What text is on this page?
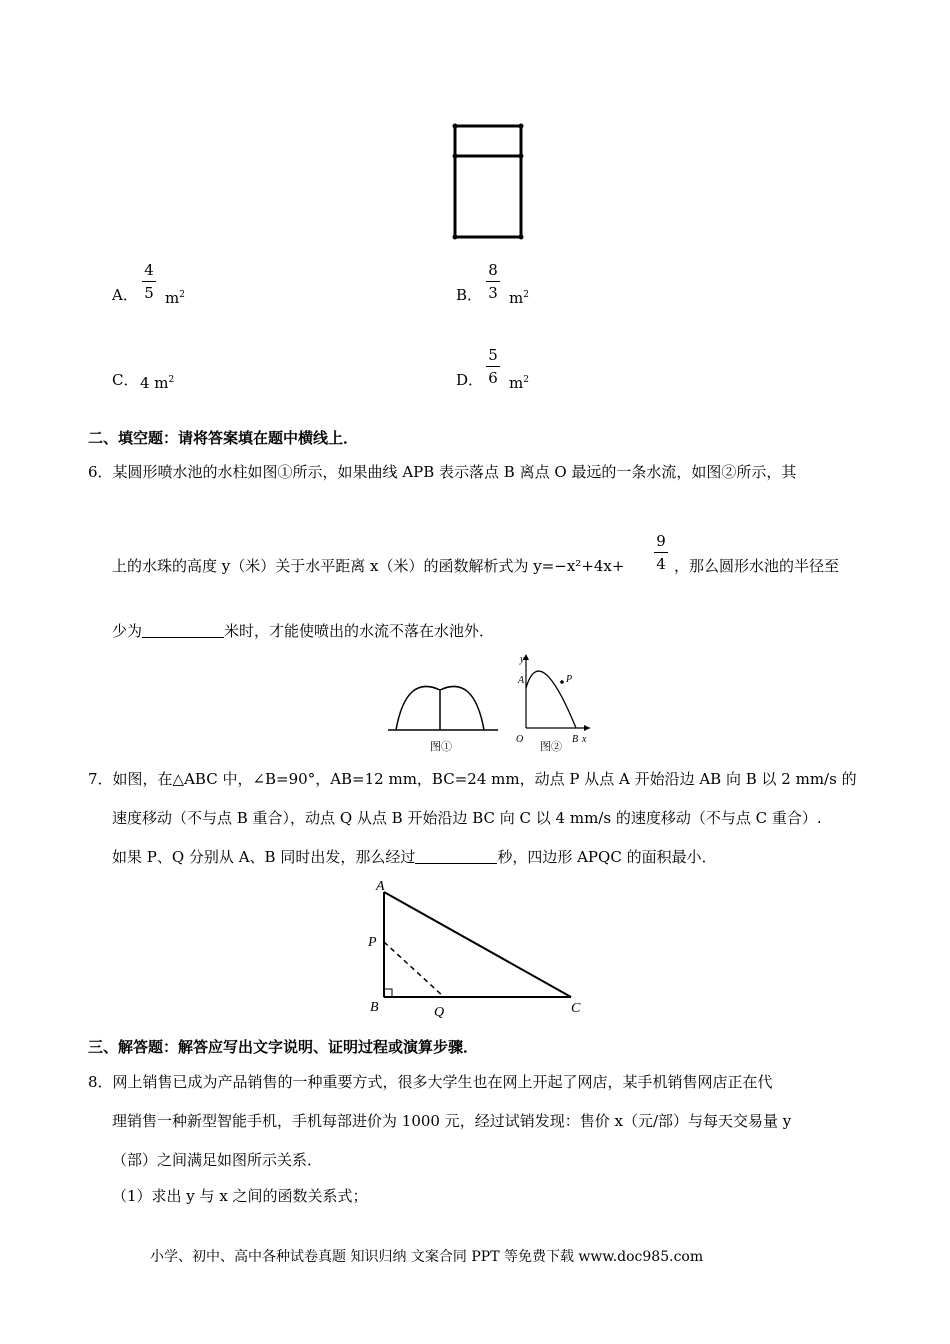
A．
4
5 $m^2$	B．
8
3 $m^2$
C． 4 $m^2$	D．
5
6 $m^2$
二、填空题：请将答案填在题中横线上．
6．某圆形喷水池的水柱如图①所示，如果曲线 APB 表示落点 B 离点 O 最远的一条水流，如图②所示，其
上的水珠的高度 y（米）关于水平距离 x（米）的函数解析式为 y=−x²+4x+
9
4 ，那么圆形水池的半径至
少为	米时，才能使喷出的水流不落在水池外．
图①
y
A	P
O	B x
图②
7．如图，在△ABC 中，∠B=90°，AB=12 mm，BC=24 mm，动点 P 从点 A 开始沿边 AB 向 B 以 2 mm/s 的
速度移动（不与点 B 重合），动点 Q 从点 B 开始沿边 BC 向 C 以 4 mm/s 的速度移动（不与点 C 重合）.
如果 P、Q 分别从 A、B 同时出发，那么经过	秒，四边形 APQC 的面积最小．
A
P
B	Q	C
三、解答题：解答应写出文字说明、证明过程或演算步骤．
8．网上销售已成为产品销售的一种重要方式，很多大学生也在网上开起了网店，某手机销售网店正在代
理销售一种新型智能手机，手机每部进价为 1000 元，经过试销发现：售价 x（元/部）与每天交易量 y
（部）之间满足如图所示关系．
（1）求出 y 与 x 之间的函数关系式；
小学、初中、高中各种试卷真题 知识归纳 文案合同 PPT 等免费下载 www.doc985.com
